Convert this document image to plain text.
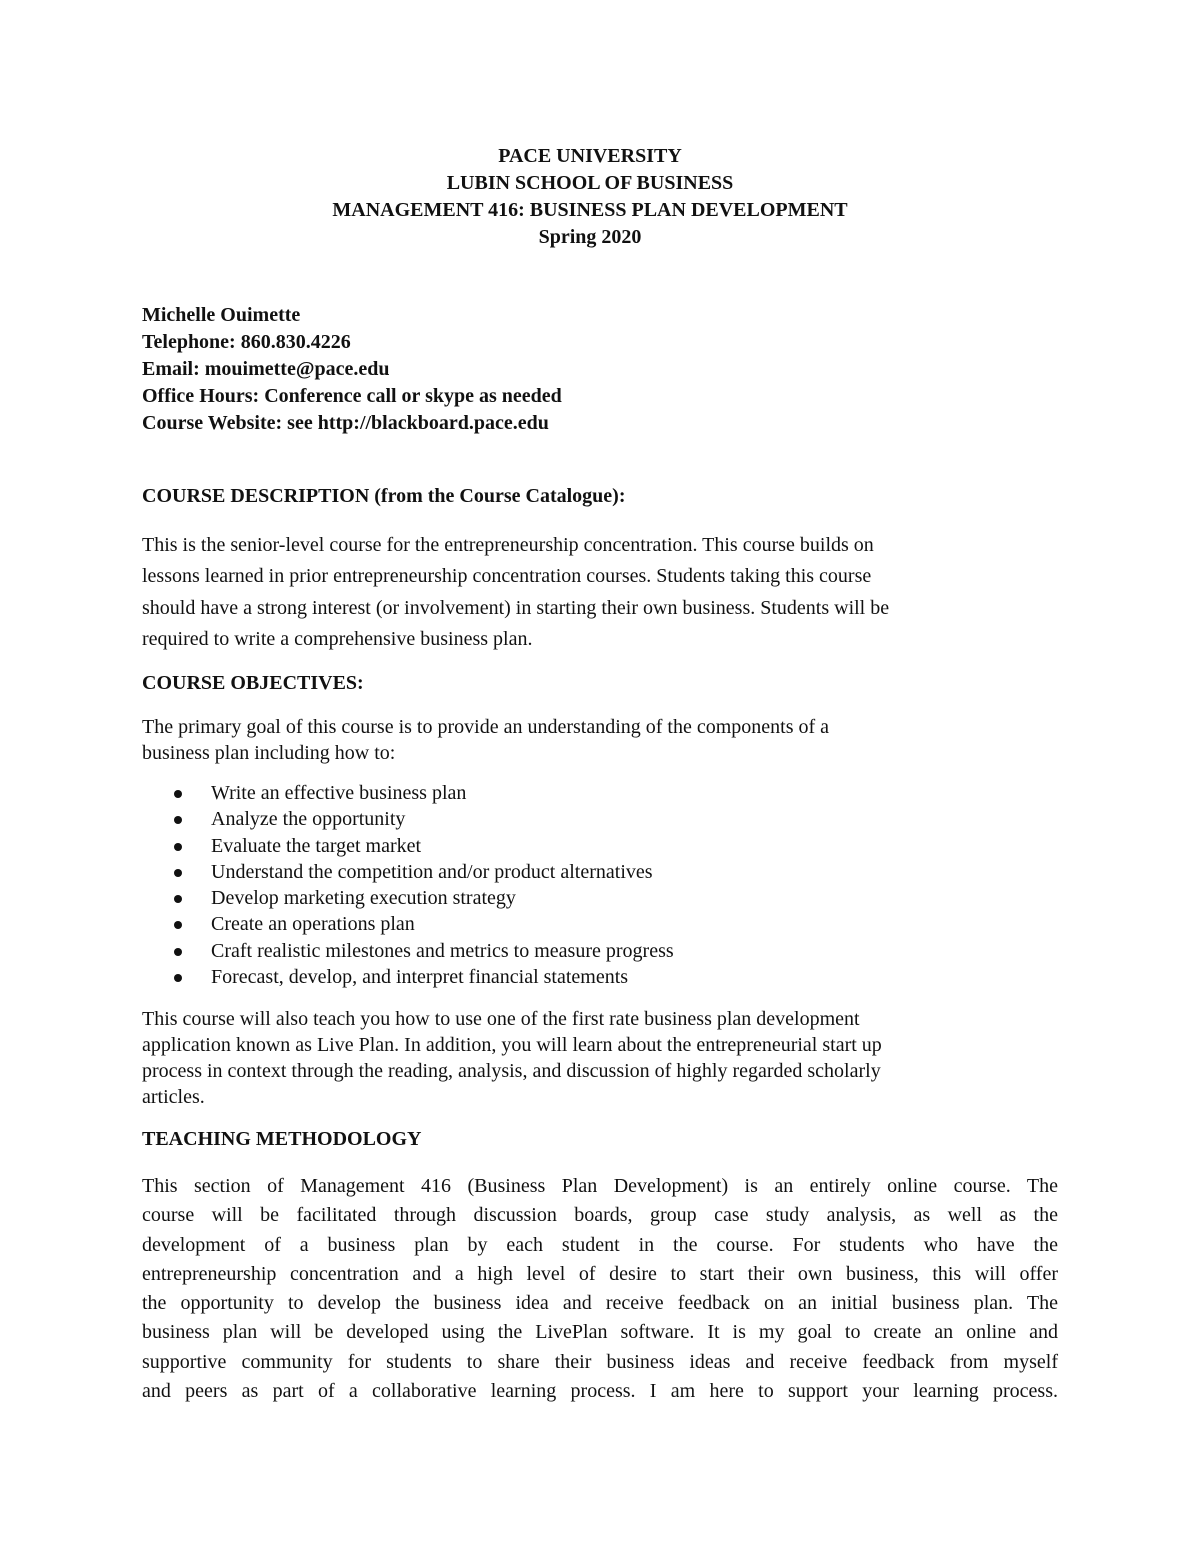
PACE UNIVERSITY
LUBIN SCHOOL OF BUSINESS
MANAGEMENT 416: BUSINESS PLAN DEVELOPMENT
Spring 2020
Michelle Ouimette
Telephone: 860.830.4226
Email: mouimette@pace.edu
Office Hours: Conference call or skype as needed
Course Website: see http://blackboard.pace.edu
COURSE DESCRIPTION (from the Course Catalogue):
This is the senior-level course for the entrepreneurship concentration. This course builds on
lessons learned in prior entrepreneurship concentration courses. Students taking this course
should have a strong interest (or involvement) in starting their own business. Students will be
required to write a comprehensive business plan.
COURSE OBJECTIVES:
The primary goal of this course is to provide an understanding of the components of a
business plan including how to:
Write an effective business plan
Analyze the opportunity
Evaluate the target market
Understand the competition and/or product alternatives
Develop marketing execution strategy
Create an operations plan
Craft realistic milestones and metrics to measure progress
Forecast, develop, and interpret financial statements
This course will also teach you how to use one of the first rate business plan development
application known as Live Plan. In addition, you will learn about the entrepreneurial start up
process in context through the reading, analysis, and discussion of highly regarded scholarly
articles.
TEACHING METHODOLOGY
This section of Management 416 (Business Plan Development) is an entirely online course. The
course will be facilitated through discussion boards, group case study analysis, as well as the
development of a business plan by each student in the course. For students who have the
entrepreneurship concentration and a high level of desire to start their own business, this will offer
the opportunity to develop the business idea and receive feedback on an initial business plan. The
business plan will be developed using the LivePlan software. It is my goal to create an online and
supportive community for students to share their business ideas and receive feedback from myself
and peers as part of a collaborative learning process. I am here to support your learning process.
